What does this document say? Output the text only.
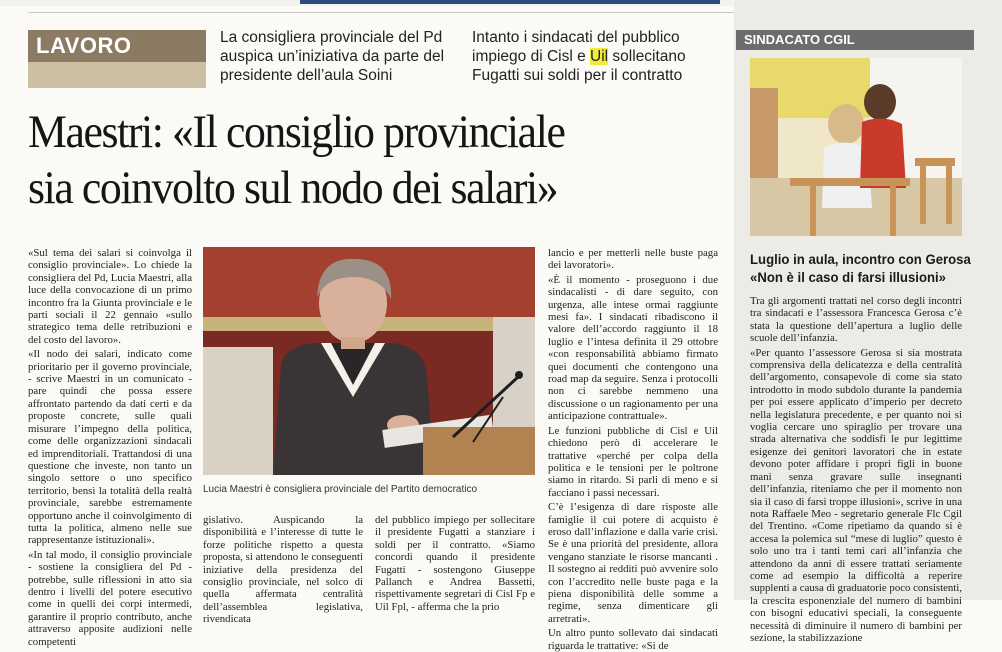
LAVORO	La consigliera provinciale del Pd auspica un’iniziativa da parte del presidente dell’aula Soini
Intanto i sindacati del pubblico impiego di Cisl e Uil sollecitano Fugatti sui soldi per il contratto
Maestri: «Il consiglio provinciale
sia coinvolto sul nodo dei salari»

«Sul tema dei salari si coinvolga il consiglio provinciale». Lo chiede la consigliera del Pd, Lucia Maestri, alla luce della convocazione di un primo incontro fra la Giunta provinciale e le parti sociali il 22 gennaio «sullo strategico tema delle retribuzioni e del costo del lavoro».

«Il nodo dei salari, indicato come prioritario per il governo provinciale, - scrive Maestri in un comunicato - pare quindi che possa essere affrontato partendo da dati certi e da proposte concrete, sulle quali misurare l’impegno della politica, come delle organizzazioni sindacali ed imprenditoriali. Trattandosi di una questione che investe, non tanto un singolo settore o uno specifico territorio, bensì la totalità della realtà provinciale, sarebbe estremamente opportuno anche il coinvolgimento di tutta la politica, almeno nelle sue rappresentanze istituzionali».

«In tal modo, il consiglio provinciale - sostiene la consigliera del Pd - potrebbe, sulle riflessioni in atto sia dentro i livelli del potere esecutivo come in quelli dei corpi intermedi, garantire il proprio contributo, anche attraverso apposite audizioni nelle competenti

Lucia Maestri è consigliera provinciale del Partito democratico

gislativo. Auspicando la disponibilità e l’interesse di tutte le forze politiche rispetto a questa proposta, si attendono le conseguenti iniziative della presidenza del consiglio provinciale, nel solco di quella affermata centralità dell’assemblea legislativa, rivendicata

del pubblico impiego per sollecitare il presidente Fugatti a stanziare i soldi per il contratto. «Siamo concordi quando il presidente Fugatti - sostengono Giuseppe Pallanch e Andrea Bassetti, rispettivamente segretari di Cisl Fp e Uil Fpl, - afferma che la prio

lancio e per metterli nelle buste paga dei lavoratori».

«È il momento - proseguono i due sindacalisti - di dare seguito, con urgenza, alle intese ormai raggiunte mesi fa». I sindacati ribadiscono il valore dell’accordo raggiunto il 18 luglio e l’intesa definita il 29 ottobre «con responsabilità abbiamo firmato quei documenti che contengono una road map da seguire. Senza i protocolli non ci sarebbe nemmeno una discussione o un ragionamento per una anticipazione contrattuale».

Le funzioni pubbliche di Cisl e Uil chiedono però di accelerare le trattative «perché per colpa della politica e le tensioni per le poltrone siamo in ritardo. Si parli di meno e si facciano i passi necessari.

C’è l’esigenza di dare risposte alle famiglie il cui potere di acquisto è eroso dall’inflazione e dalla varie crisi. Se è una priorità del presidente, allora vengano stanziate le risorse mancanti . Il sostegno ai redditi può avvenire solo con l’accredito nelle buste paga e la piena disponibilità delle somme a regime, senza dimenticare gli arretrati».

Un altro punto sollevato dai sindacati riguarda le trattative: «Si de

SINDACATO CGIL
Luglio in aula, incontro con Gerosa
«Non è il caso di farsi illusioni»

Tra gli argomenti trattati nel corso degli incontri tra sindacati e l’assessora Francesca Gerosa c’è stata la questione dell’apertura a luglio delle scuole dell’infanzia.

«Per quanto l’assessore Gerosa si sia mostrata comprensiva della delicatezza e della centralità dell’argomento, consapevole di come sia stato introdotto in modo subdolo durante la pandemia per poi essere applicato d’imperio per decreto nella legislatura precedente, e per quanto noi si voglia cercare uno spiraglio per trovare una strada alternativa che soddisfi le pur legittime esigenze dei genitori lavoratori che in estate devono poter affidare i propri figli in buone mani senza gravare sulle insegnanti dell’infanzia, riteniamo che per il momento non sia il caso di farsi troppe illusioni», scrive in una nota Raffaele Meo - segretario generale Flc Cgil del Trentino. «Come ripetiamo da quando si è accesa la polemica sul “mese di luglio” questo è solo uno tra i tanti temi cari all’infanzia che attendono da anni di essere trattati seriamente come ad esempio la difficoltà a reperire supplenti a causa di graduatorie poco consistenti, la crescita esponenziale del numero di bambini con bisogni educativi speciali, la conseguente necessità di diminuire il numero di bambini per sezione, la stabilizzazione
